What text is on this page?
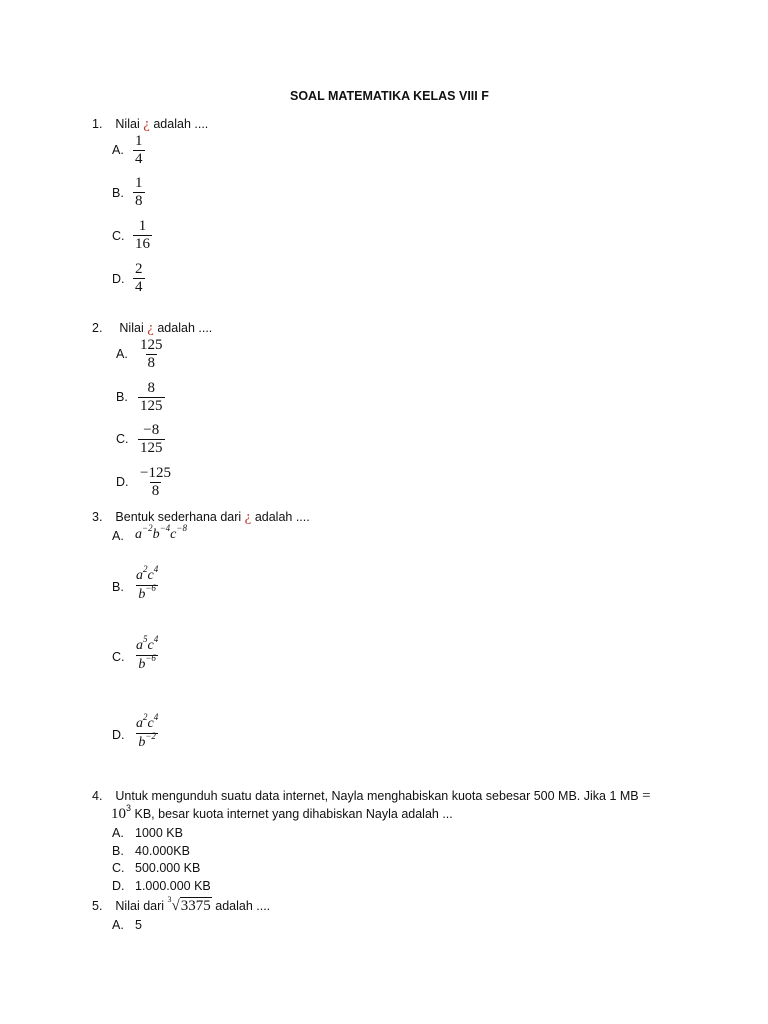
SOAL MATEMATIKA KELAS VIII F
1. Nilai ¿ adalah ....
A. $\frac{1}{4}$
B. $\frac{1}{8}$
C. $\frac{1}{16}$
D. $\frac{2}{4}$
2. Nilai ¿ adalah ....
A. $\frac{125}{8}$
B. $\frac{8}{125}$
C. $\frac{-8}{125}$
D. $\frac{-125}{8}$
3. Bentuk sederhana dari ¿ adalah ....
A. $a^{-2}b^{-4}c^{-8}$
B. $\frac{a^2c^4}{b^{-6}}$
C. $\frac{a^5c^4}{b^{-6}}$
D. $\frac{a^2c^4}{b^{-2}}$
4. Untuk mengunduh suatu data internet, Nayla menghabiskan kuota sebesar 500 MB. Jika 1 MB =
$10^3$ KB, besar kuota internet yang dihabiskan Nayla adalah ...
A. 1000 KB
B. 40.000KB
C. 500.000 KB
D. 1.000.000 KB
5. Nilai dari $^3$√3375 adalah ....
A. 5
